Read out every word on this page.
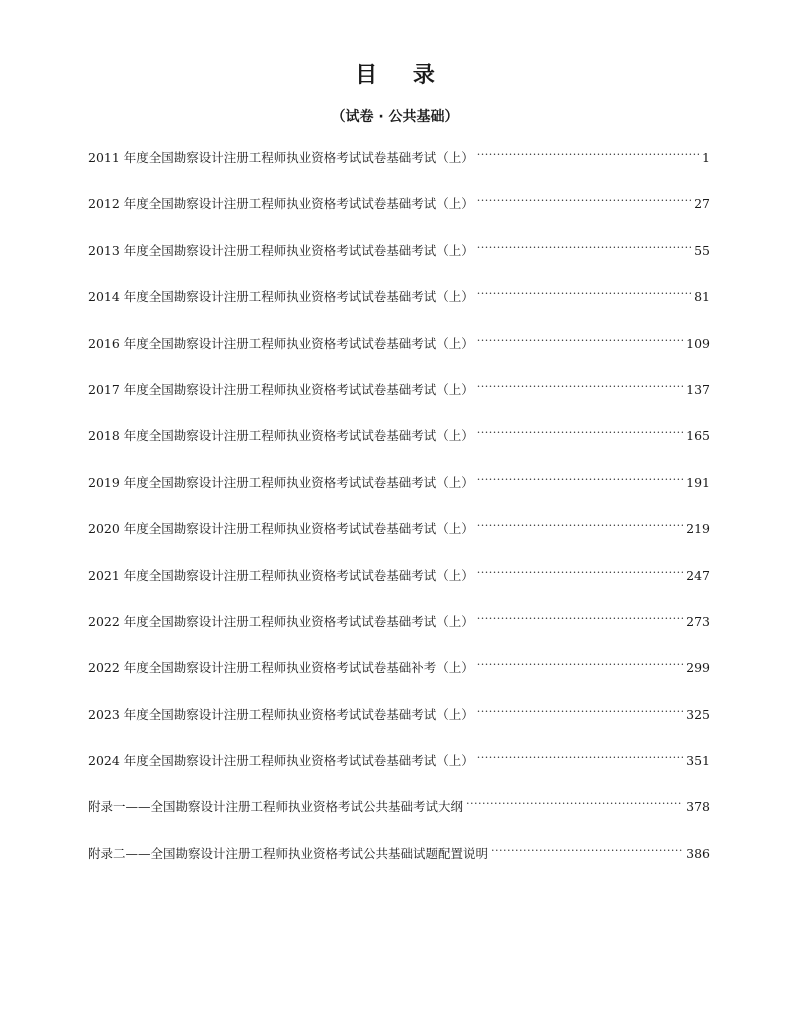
目 录
（试卷 · 公共基础）
2011 年度全国勘察设计注册工程师执业资格考试试卷基础考试（上） .....	1
2012 年度全国勘察设计注册工程师执业资格考试试卷基础考试（上） .....	27
2013 年度全国勘察设计注册工程师执业资格考试试卷基础考试（上） .....	55
2014 年度全国勘察设计注册工程师执业资格考试试卷基础考试（上） .....	81
2016 年度全国勘察设计注册工程师执业资格考试试卷基础考试（上） .....	109
2017 年度全国勘察设计注册工程师执业资格考试试卷基础考试（上） .....	137
2018 年度全国勘察设计注册工程师执业资格考试试卷基础考试（上） .....	165
2019 年度全国勘察设计注册工程师执业资格考试试卷基础考试（上） .....	191
2020 年度全国勘察设计注册工程师执业资格考试试卷基础考试（上） .....	219
2021 年度全国勘察设计注册工程师执业资格考试试卷基础考试（上） .....	247
2022 年度全国勘察设计注册工程师执业资格考试试卷基础考试（上） .....	273
2022 年度全国勘察设计注册工程师执业资格考试试卷基础补考（上） .....	299
2023 年度全国勘察设计注册工程师执业资格考试试卷基础考试（上） .....	325
2024 年度全国勘察设计注册工程师执业资格考试试卷基础考试（上） .....	351
附录一——全国勘察设计注册工程师执业资格考试公共基础考试大纲 .....	378
附录二——全国勘察设计注册工程师执业资格考试公共基础试题配置说明 .....	386
